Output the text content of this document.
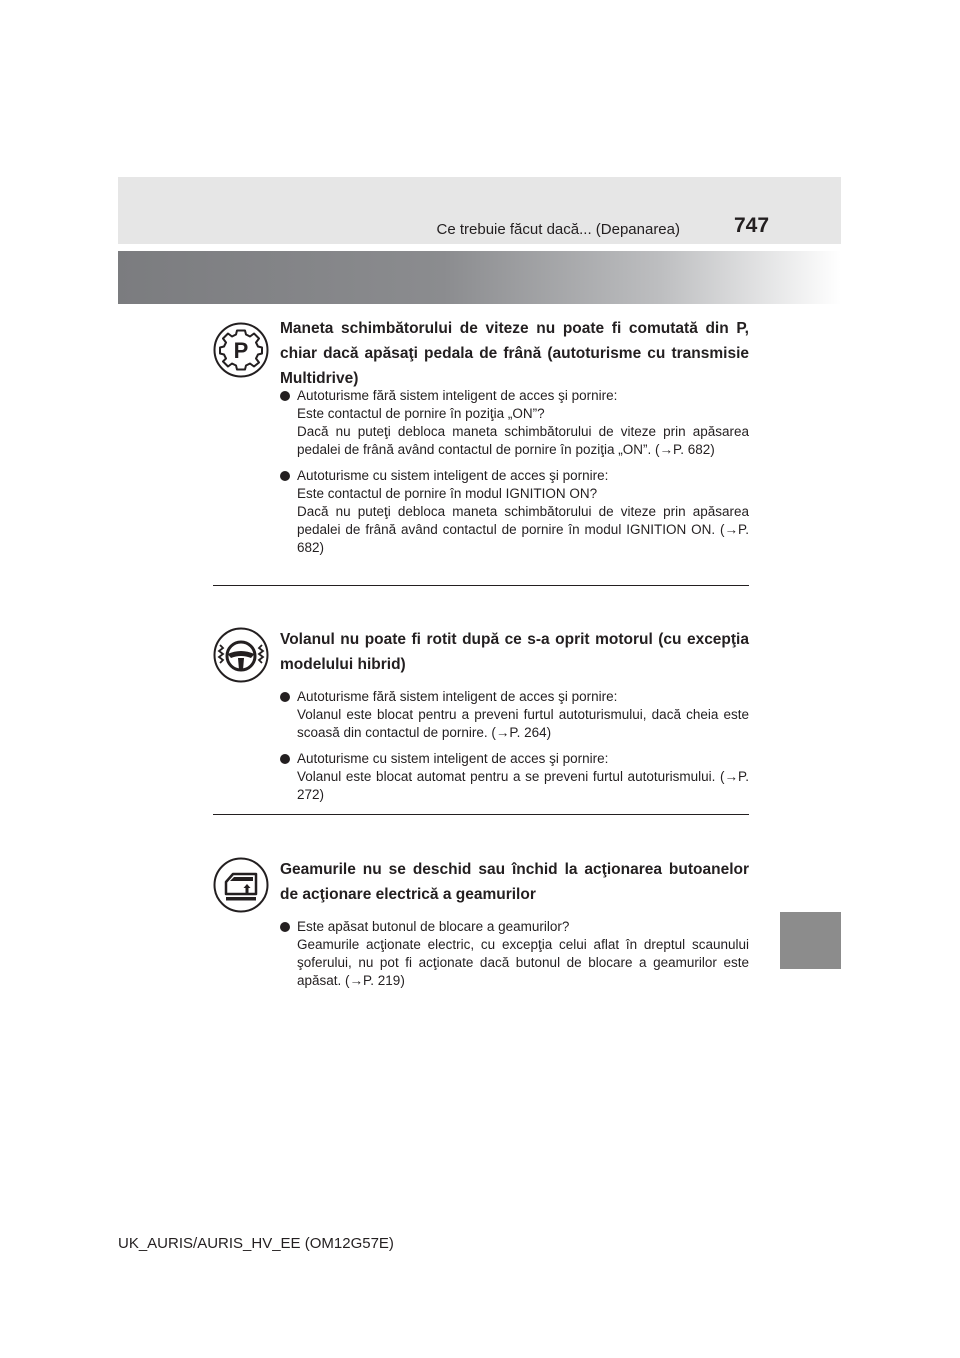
Ce trebuie făcut dacă... (Depanarea)	747
P
Maneta schimbătorului de viteze nu poate fi comutată din P, chiar dacă apăsaţi pedala de frână (autoturisme cu transmisie Multidrive)
Autoturisme fără sistem inteligent de acces şi pornire:
Este contactul de pornire în poziţia „ON”?
Dacă nu puteţi debloca maneta schimbătorului de viteze prin apăsarea pedalei de frână având contactul de pornire în poziţia „ON”. (→P. 682)
Autoturisme cu sistem inteligent de acces şi pornire:
Este contactul de pornire în modul IGNITION ON?
Dacă nu puteţi debloca maneta schimbătorului de viteze prin apăsarea pedalei de frână având contactul de pornire în modul IGNITION ON. (→P. 682)
Volanul nu poate fi rotit după ce s-a oprit motorul (cu excepţia modelului hibrid)
Autoturisme fără sistem inteligent de acces şi pornire:
Volanul este blocat pentru a preveni furtul autoturismului, dacă cheia este scoasă din contactul de pornire. (→P. 264)
Autoturisme cu sistem inteligent de acces şi pornire:
Volanul este blocat automat pentru a se preveni furtul autoturismului. (→P. 272)
Geamurile nu se deschid sau închid la acţionarea butoanelor de acţionare electrică a geamurilor
Este apăsat butonul de blocare a geamurilor?
Geamurile acţionate electric, cu excepţia celui aflat în dreptul scaunului şoferului, nu pot fi acţionate dacă butonul de blocare a geamurilor este apăsat. (→P. 219)
UK_AURIS/AURIS_HV_EE (OM12G57E)
